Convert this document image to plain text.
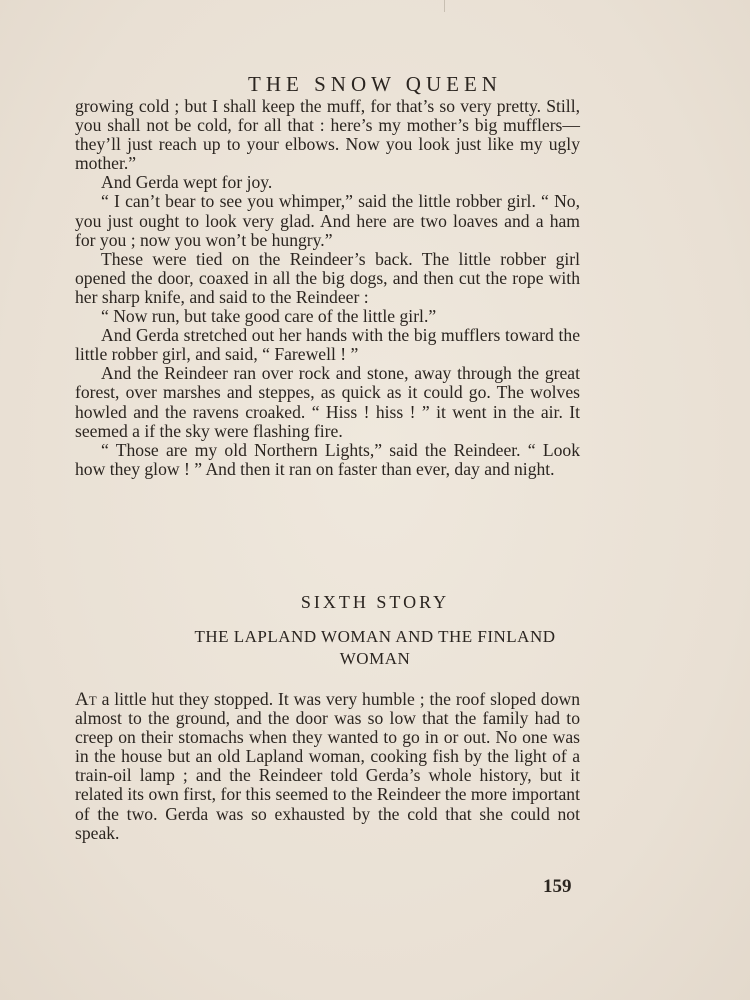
THE SNOW QUEEN

growing cold ; but I shall keep the muff, for that’s so very pretty. Still, you shall not be cold, for all that : here’s my mother’s big mufflers—they’ll just reach up to your elbows. Now you look just like my ugly mother.”

And Gerda wept for joy.

“ I can’t bear to see you whimper,” said the little robber girl. “ No, you just ought to look very glad. And here are two loaves and a ham for you ; now you won’t be hungry.”

These were tied on the Reindeer’s back. The little robber girl opened the door, coaxed in all the big dogs, and then cut the rope with her sharp knife, and said to the Reindeer :

“ Now run, but take good care of the little girl.”

And Gerda stretched out her hands with the big mufflers toward the little robber girl, and said, “ Farewell ! ”

And the Reindeer ran over rock and stone, away through the great forest, over marshes and steppes, as quick as it could go. The wolves howled and the ravens croaked. “ Hiss ! hiss ! ” it went in the air. It seemed a if the sky were flashing fire.

“ Those are my old Northern Lights,” said the Reindeer. “ Look how they glow ! ” And then it ran on faster than ever, day and night.

SIXTH STORY
THE LAPLAND WOMAN AND THE FINLAND
WOMAN

At a little hut they stopped. It was very humble ; the roof sloped down almost to the ground, and the door was so low that the family had to creep on their stomachs when they wanted to go in or out. No one was in the house but an old Lapland woman, cooking fish by the light of a train-oil lamp ; and the Reindeer told Gerda’s whole history, but it related its own first, for this seemed to the Reindeer the more important of the two. Gerda was so exhausted by the cold that she could not speak.

159
